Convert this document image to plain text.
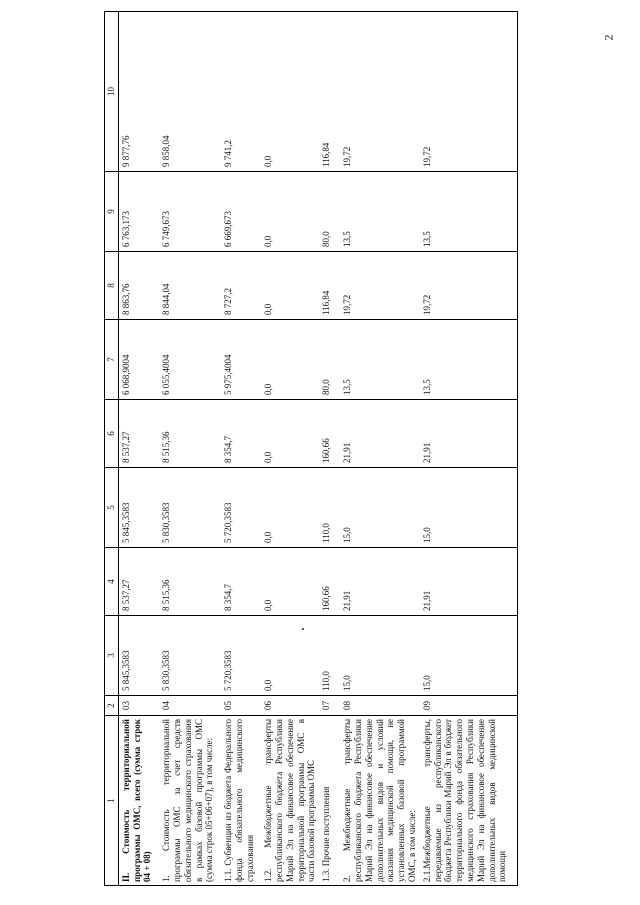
2
1	2	3	4	5	6	7	8	9	10
II. Стоимость территориальной программы ОМС, всего (сумма строк 04 + 08)	03	5 845,3583	8 537,27	5 845,3583	8 537,27	6 068,9004	8 863,76	6 763,173	9 877,76
1. Стоимость территориальной программы ОМС за счет средств обязательного медицинского страхования в рамках базовой программы ОМС (сумма строк 05+06+07), в том числе:	04	5 830,3583	8 515,36	5 830,3583	8 515,36	6 055,4004	8 844,04	6 749,673	9 858,04
1.1. Субвенции из бюджета Федерального фонда обязательного медицинского страхования	05	5 720,3583	8 354,7	5 720,3583	8 354,7	5 975,4004	8 727,2	6 669,673	9 741,2
1.2. Межбюджетные трансферты республиканского бюджета Республики Марий Эл на финансовое обеспечение территориальной программы ОМС в части базовой программы ОМС	06	0,0	0,0	0,0	0,0	0,0	0,0	0,0	0,0
1.3. Прочие поступления	07	110,0	160,66	110,0	160,66	80,0	116,84	80,0	116,84
2. Межбюджетные трансферты республиканского бюджета Республики Марий Эл на финансовое обеспечение дополнительных видов и условий оказания медицинской помощи, не установленных базовой программой ОМС, в том числе:	08	15,0	21,91	15,0	21,91	13,5	19,72	13,5	19,72
2.1.Межбюджетные трансферты, передаваемые из республиканского бюджета Республики Марий Эл в бюджет территориального фонда обязательного медицинского страхования Республики Марий Эл на финансовое обеспечение дополнительных видов медицинской помощи	09	15,0	21,91	15,0	21,91	13,5	19,72	13,5	19,72
